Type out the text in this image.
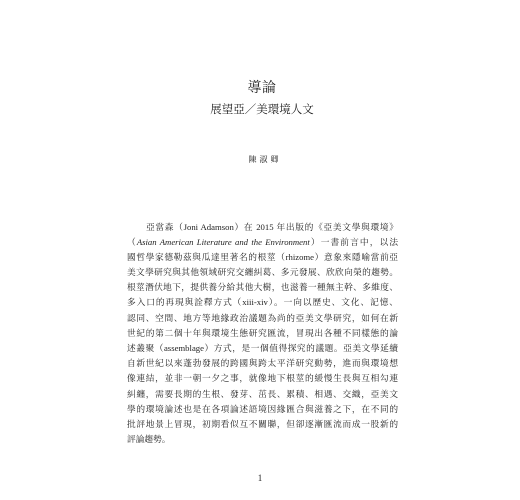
導論
展望亞／美環境人文
陳淑卿
亞當森（Joni Adamson）在 2015 年出版的《亞美文學與環境》
（Asian American Literature and the Environment）一書前言中，以法
國哲學家德勒茲與瓜達里著名的根莖（rhizome）意象來隱喻當前亞
美文學研究與其他領域研究交纏糾葛、多元發展、欣欣向榮的趨勢。
根莖潛伏地下，提供養分給其他大樹，也滋養一種無主幹、多維度、
多入口的再現與詮釋方式（xiii-xiv）。一向以歷史、文化、記憶、
認同、空間、地方等地緣政治議題為尚的亞美文學研究，如何在新
世紀的第二個十年與環境生態研究匯流，冒現出各種不同樣態的論
述叢聚（assemblage）方式，是一個值得探究的議題。亞美文學延續
自新世紀以來蓬勃發展的跨國與跨太平洋研究動勢，進而與環境想
像連結，並非一朝一夕之事，就像地下根莖的緩慢生長與互相勾連
糾纏，需要長期的生根、發芽、茁長、累積、相遇、交織，亞美文
學的環境論述也是在各項論述語境因緣匯合與滋養之下，在不同的
批評地景上冒現，初期看似互不關聯，但卻逐漸匯流而成一股新的
評論趨勢。
1
